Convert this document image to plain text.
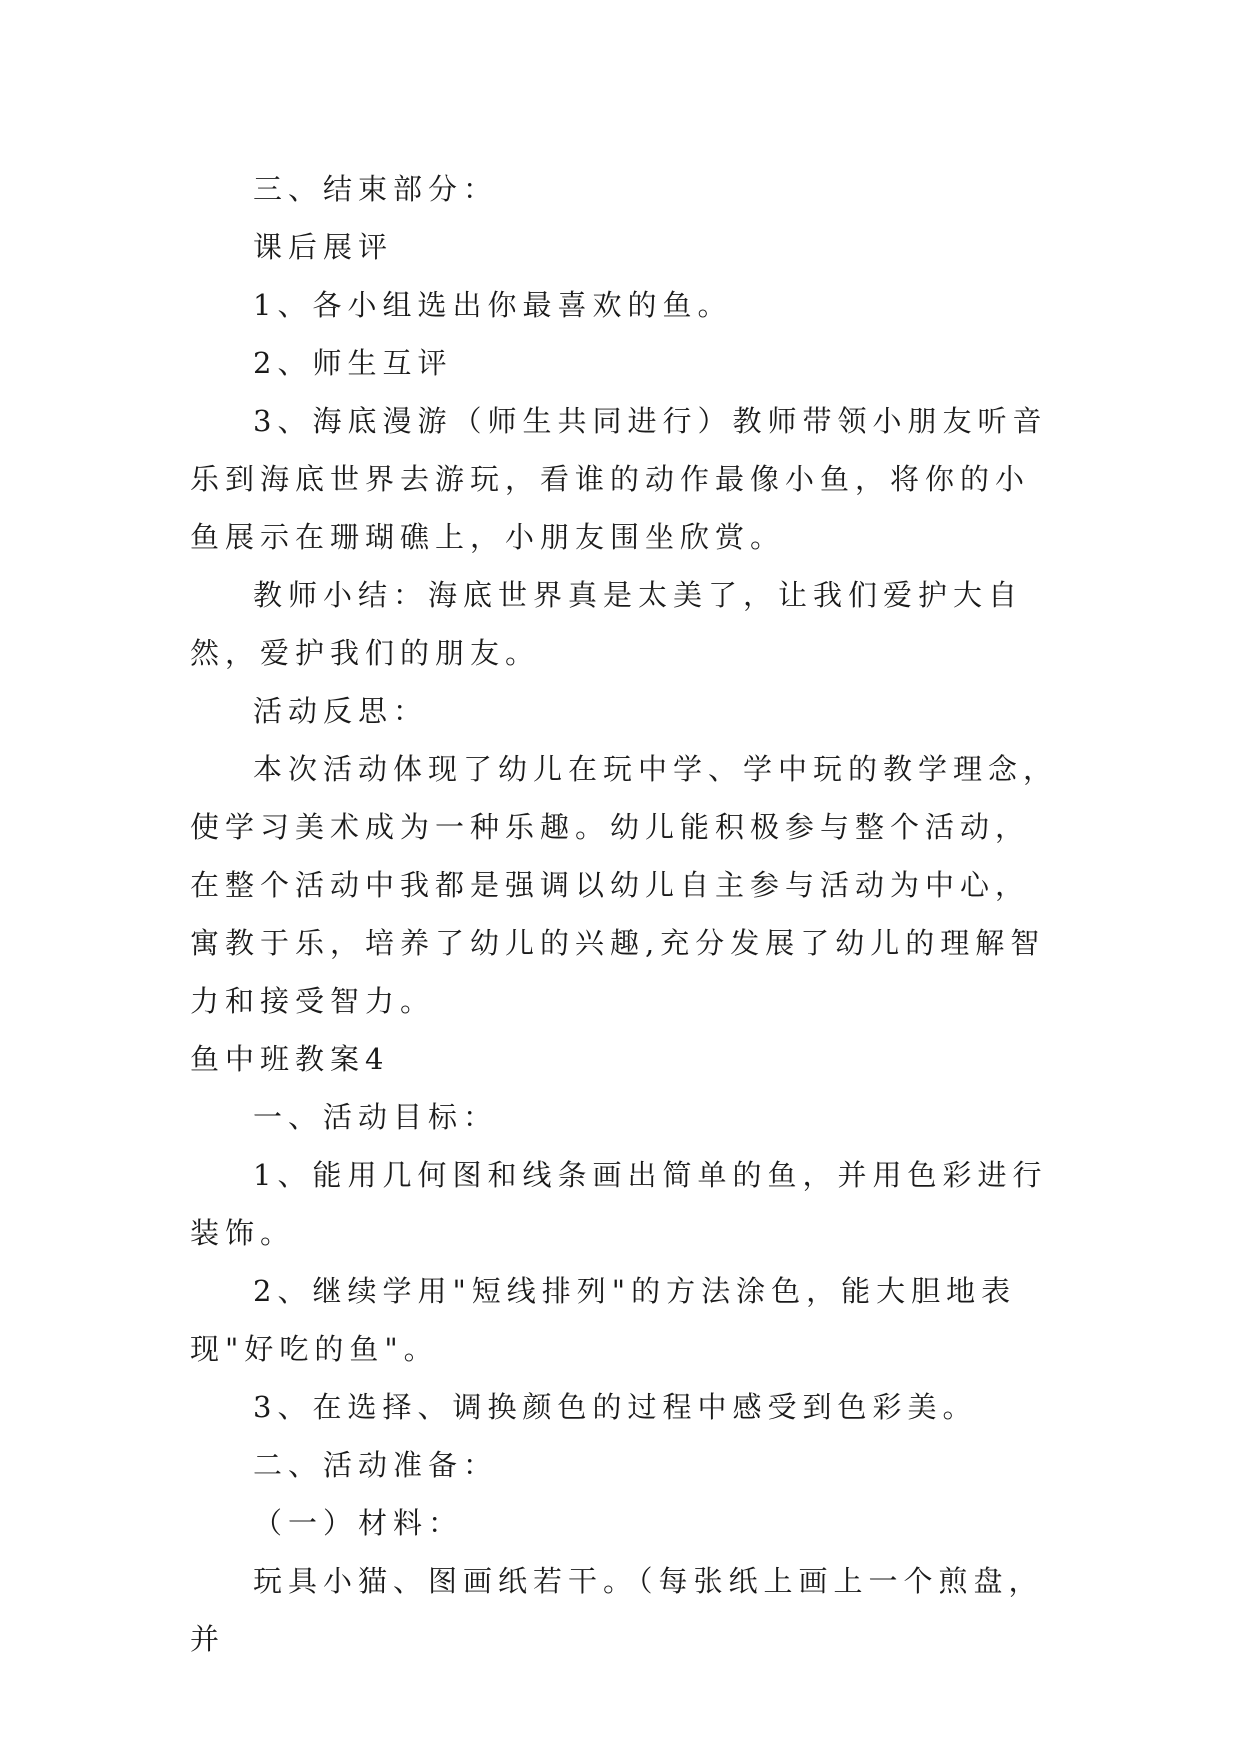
三、结束部分：

课后展评

1、各小组选出你最喜欢的鱼。

2、师生互评

3、海底漫游（师生共同进行）教师带领小朋友听音乐到海底世界去游玩，看谁的动作最像小鱼，将你的小鱼展示在珊瑚礁上，小朋友围坐欣赏。

教师小结：海底世界真是太美了，让我们爱护大自然，爱护我们的朋友。

活动反思：

本次活动体现了幼儿在玩中学、学中玩的教学理念，使学习美术成为一种乐趣。幼儿能积极参与整个活动，在整个活动中我都是强调以幼儿自主参与活动为中心，寓教于乐，培养了幼儿的兴趣,充分发展了幼儿的理解智力和接受智力。

鱼中班教案4

一、活动目标：

1、能用几何图和线条画出简单的鱼，并用色彩进行装饰。

2、继续学用"短线排列"的方法涂色，能大胆地表现"好吃的鱼"。

3、在选择、调换颜色的过程中感受到色彩美。

二、活动准备：

（一）材料：

玩具小猫、图画纸若干。（每张纸上画上一个煎盘，并
